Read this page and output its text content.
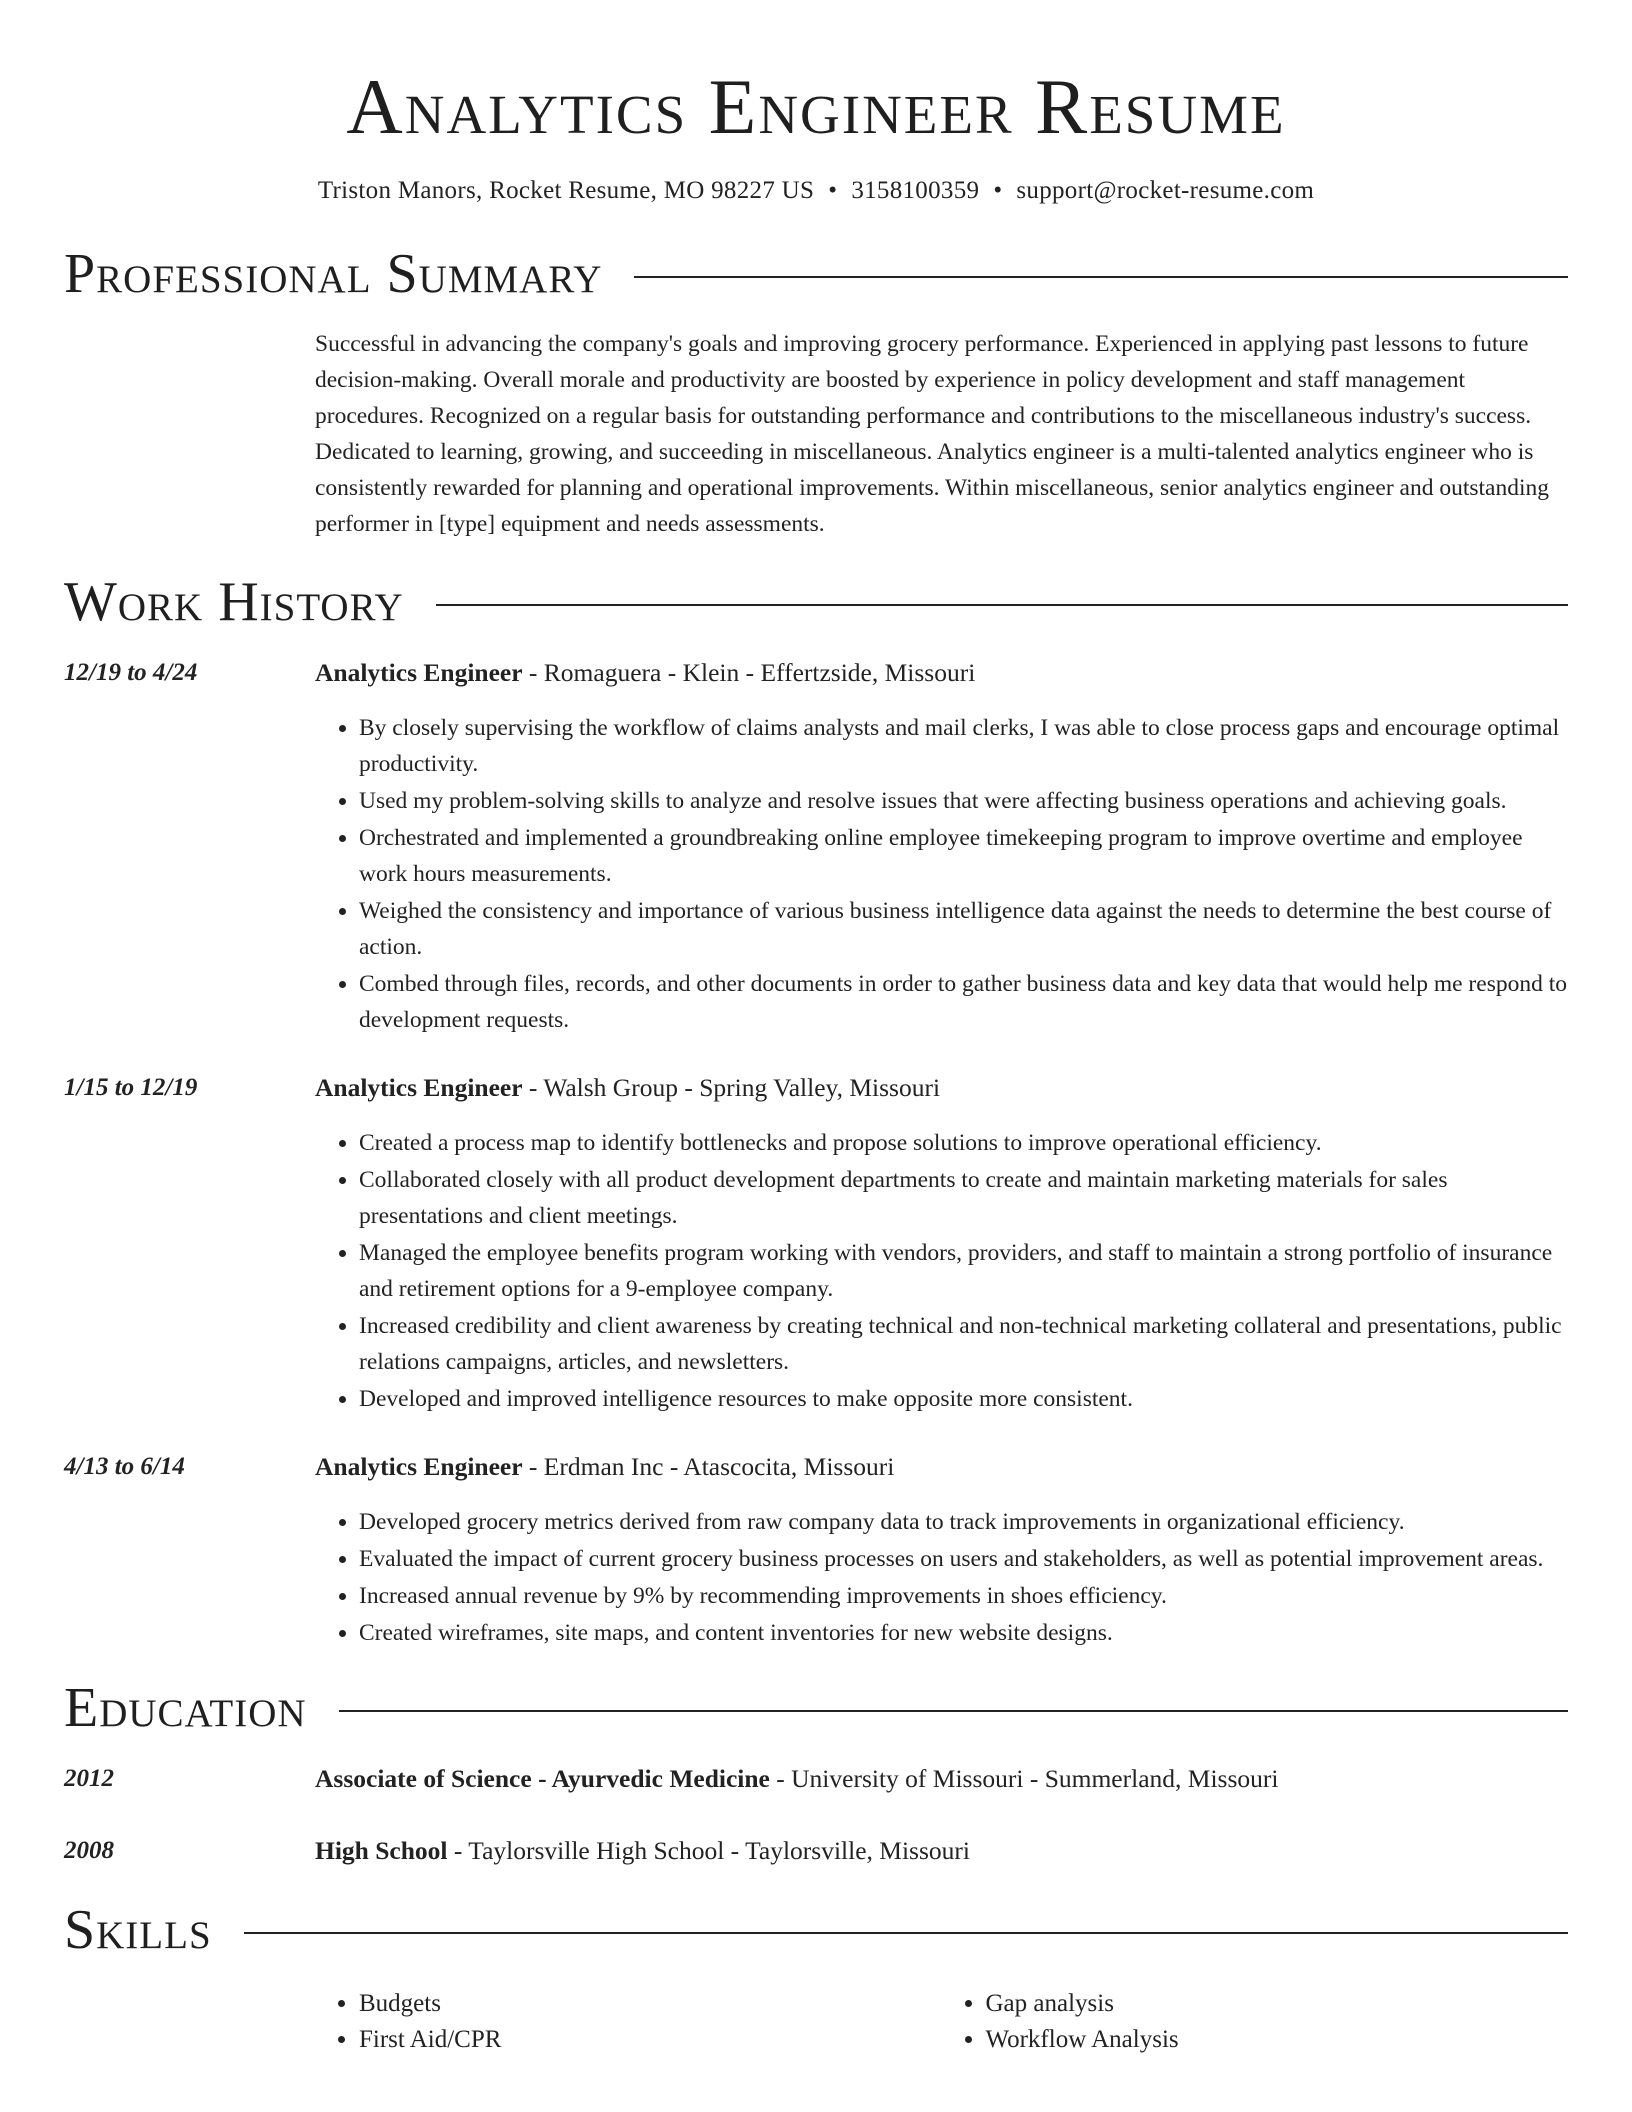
Analytics Engineer Resume
Triston Manors, Rocket Resume, MO 98227 US • 3158100359 • support@rocket-resume.com
Professional Summary
Successful in advancing the company's goals and improving grocery performance. Experienced in applying past lessons to future decision-making. Overall morale and productivity are boosted by experience in policy development and staff management procedures. Recognized on a regular basis for outstanding performance and contributions to the miscellaneous industry's success. Dedicated to learning, growing, and succeeding in miscellaneous. Analytics engineer is a multi-talented analytics engineer who is consistently rewarded for planning and operational improvements. Within miscellaneous, senior analytics engineer and outstanding performer in [type] equipment and needs assessments.
Work History
12/19 to 4/24	Analytics Engineer - Romaguera - Klein - Effertzside, Missouri
• By closely supervising the workflow of claims analysts and mail clerks, I was able to close process gaps and encourage optimal productivity.
• Used my problem-solving skills to analyze and resolve issues that were affecting business operations and achieving goals.
• Orchestrated and implemented a groundbreaking online employee timekeeping program to improve overtime and employee work hours measurements.
• Weighed the consistency and importance of various business intelligence data against the needs to determine the best course of action.
• Combed through files, records, and other documents in order to gather business data and key data that would help me respond to development requests.
1/15 to 12/19	Analytics Engineer - Walsh Group - Spring Valley, Missouri
• Created a process map to identify bottlenecks and propose solutions to improve operational efficiency.
• Collaborated closely with all product development departments to create and maintain marketing materials for sales presentations and client meetings.
• Managed the employee benefits program working with vendors, providers, and staff to maintain a strong portfolio of insurance and retirement options for a 9-employee company.
• Increased credibility and client awareness by creating technical and non-technical marketing collateral and presentations, public relations campaigns, articles, and newsletters.
• Developed and improved intelligence resources to make opposite more consistent.
4/13 to 6/14	Analytics Engineer - Erdman Inc - Atascocita, Missouri
• Developed grocery metrics derived from raw company data to track improvements in organizational efficiency.
• Evaluated the impact of current grocery business processes on users and stakeholders, as well as potential improvement areas.
• Increased annual revenue by 9% by recommending improvements in shoes efficiency.
• Created wireframes, site maps, and content inventories for new website designs.
Education
2012	Associate of Science - Ayurvedic Medicine - University of Missouri - Summerland, Missouri
2008	High School - Taylorsville High School - Taylorsville, Missouri
Skills
• Budgets
• First Aid/CPR
• Gap analysis
• Workflow Analysis
